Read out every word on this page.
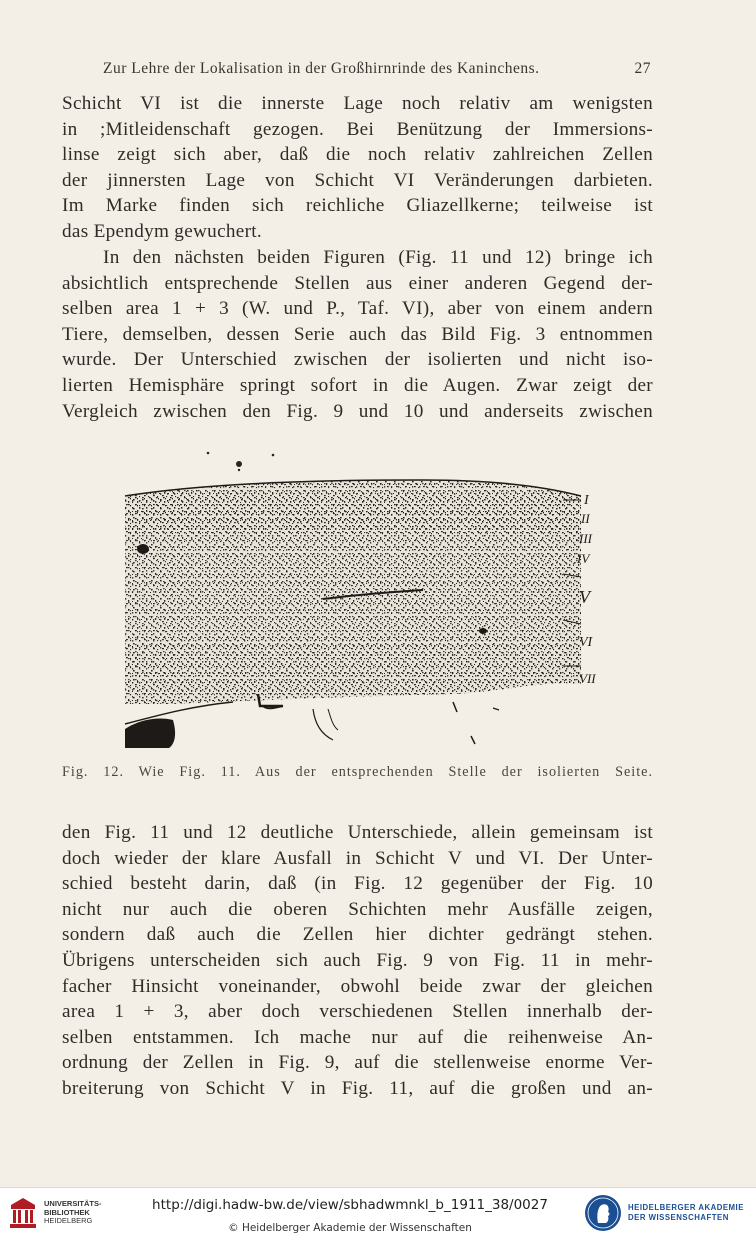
Zur Lehre der Lokalisation in der Großhirnrinde des Kaninchens.	27
Schicht VI ist die innerste Lage noch relativ am wenigsten
in ;Mitleidenschaft gezogen. Bei Benützung der Immersions-
linse zeigt sich aber, daß die noch relativ zahlreichen Zellen
der jinnersten Lage von Schicht VI Veränderungen darbieten.
Im Marke finden sich reichliche Gliazellkerne; teilweise ist
das Ependym gewuchert.
In den nächsten beiden Figuren (Fig. 11 und 12) bringe ich
absichtlich entsprechende Stellen aus einer anderen Gegend der-
selben area 1 + 3 (W. und P., Taf. VI), aber von einem andern
Tiere, demselben, dessen Serie auch das Bild Fig. 3 entnommen
wurde. Der Unterschied zwischen der isolierten und nicht iso-
lierten Hemisphäre springt sofort in die Augen. Zwar zeigt der
Vergleich zwischen den Fig. 9 und 10 und anderseits zwischen
I
II
III
IV
V
VI
VII
Fig. 12. Wie Fig. 11. Aus der entsprechenden Stelle der isolierten Seite.
den Fig. 11 und 12 deutliche Unterschiede, allein gemeinsam ist
doch wieder der klare Ausfall in Schicht V und VI. Der Unter-
schied besteht darin, daß (in Fig. 12 gegenüber der Fig. 10
nicht nur auch die oberen Schichten mehr Ausfälle zeigen,
sondern daß auch die Zellen hier dichter gedrängt stehen.
Übrigens unterscheiden sich auch Fig. 9 von Fig. 11 in mehr-
facher Hinsicht voneinander, obwohl beide zwar der gleichen
area 1 + 3, aber doch verschiedenen Stellen innerhalb der-
selben entstammen. Ich mache nur auf die reihenweise An-
ordnung der Zellen in Fig. 9, auf die stellenweise enorme Ver-
breiterung von Schicht V in Fig. 11, auf die großen und an-
UNIVERSITÄTS-
BIBLIOTHEK
HEIDELBERG
http://digi.hadw-bw.de/view/sbhadwmnkl_b_1911_38/0027
© Heidelberger Akademie der Wissenschaften
HEIDELBERGER AKADEMIE
DER WISSENSCHAFTEN
